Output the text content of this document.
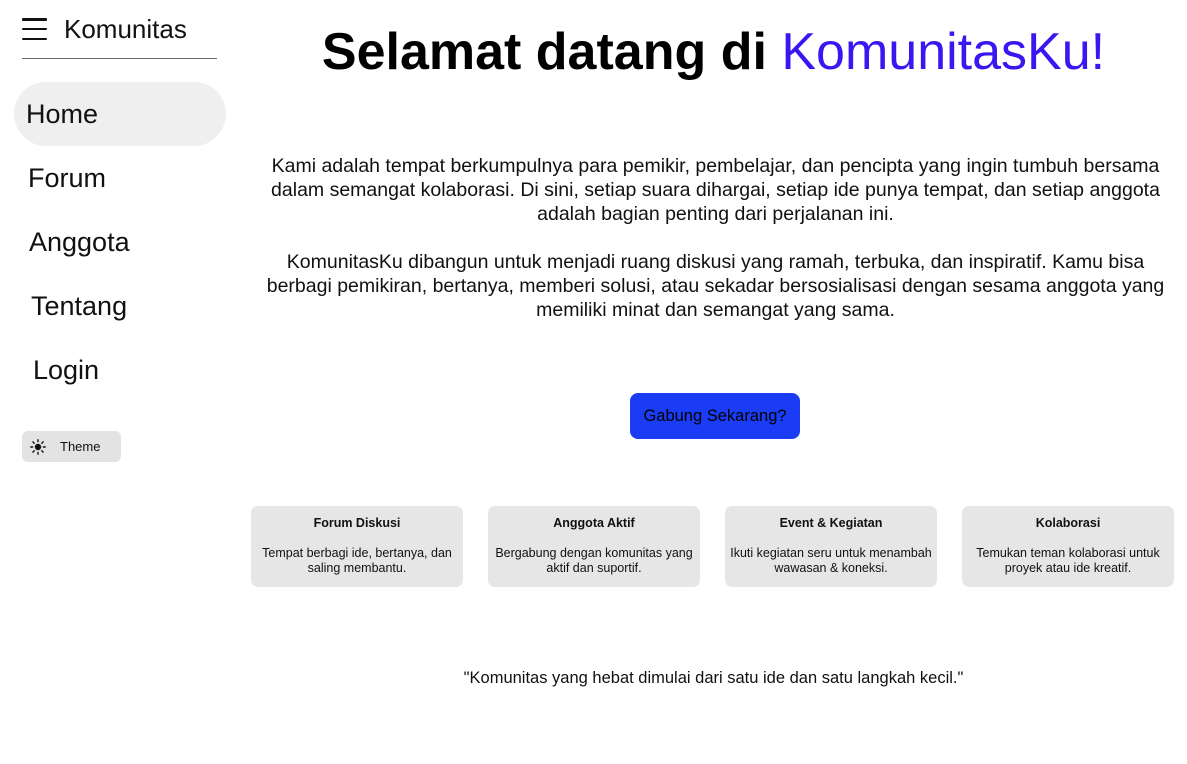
Komunitas
Home
Forum
Anggota
Tentang
Login
Theme
Selamat datang di KomunitasKu!

Kami adalah tempat berkumpulnya para pemikir, pembelajar, dan pencipta yang ingin tumbuh bersama dalam semangat kolaborasi. Di sini, setiap suara dihargai, setiap ide punya tempat, dan setiap anggota adalah bagian penting dari perjalanan ini.

KomunitasKu dibangun untuk menjadi ruang diskusi yang ramah, terbuka, dan inspiratif. Kamu bisa berbagi pemikiran, bertanya, memberi solusi, atau sekadar bersosialisasi dengan sesama anggota yang memiliki minat dan semangat yang sama.

Gabung Sekarang?
Forum Diskusi
Tempat berbagi ide, bertanya, dan saling membantu.
Anggota Aktif
Bergabung dengan komunitas yang aktif dan suportif.
Event & Kegiatan
Ikuti kegiatan seru untuk menambah wawasan & koneksi.
Kolaborasi
Temukan teman kolaborasi untuk proyek atau ide kreatif.
"Komunitas yang hebat dimulai dari satu ide dan satu langkah kecil."
